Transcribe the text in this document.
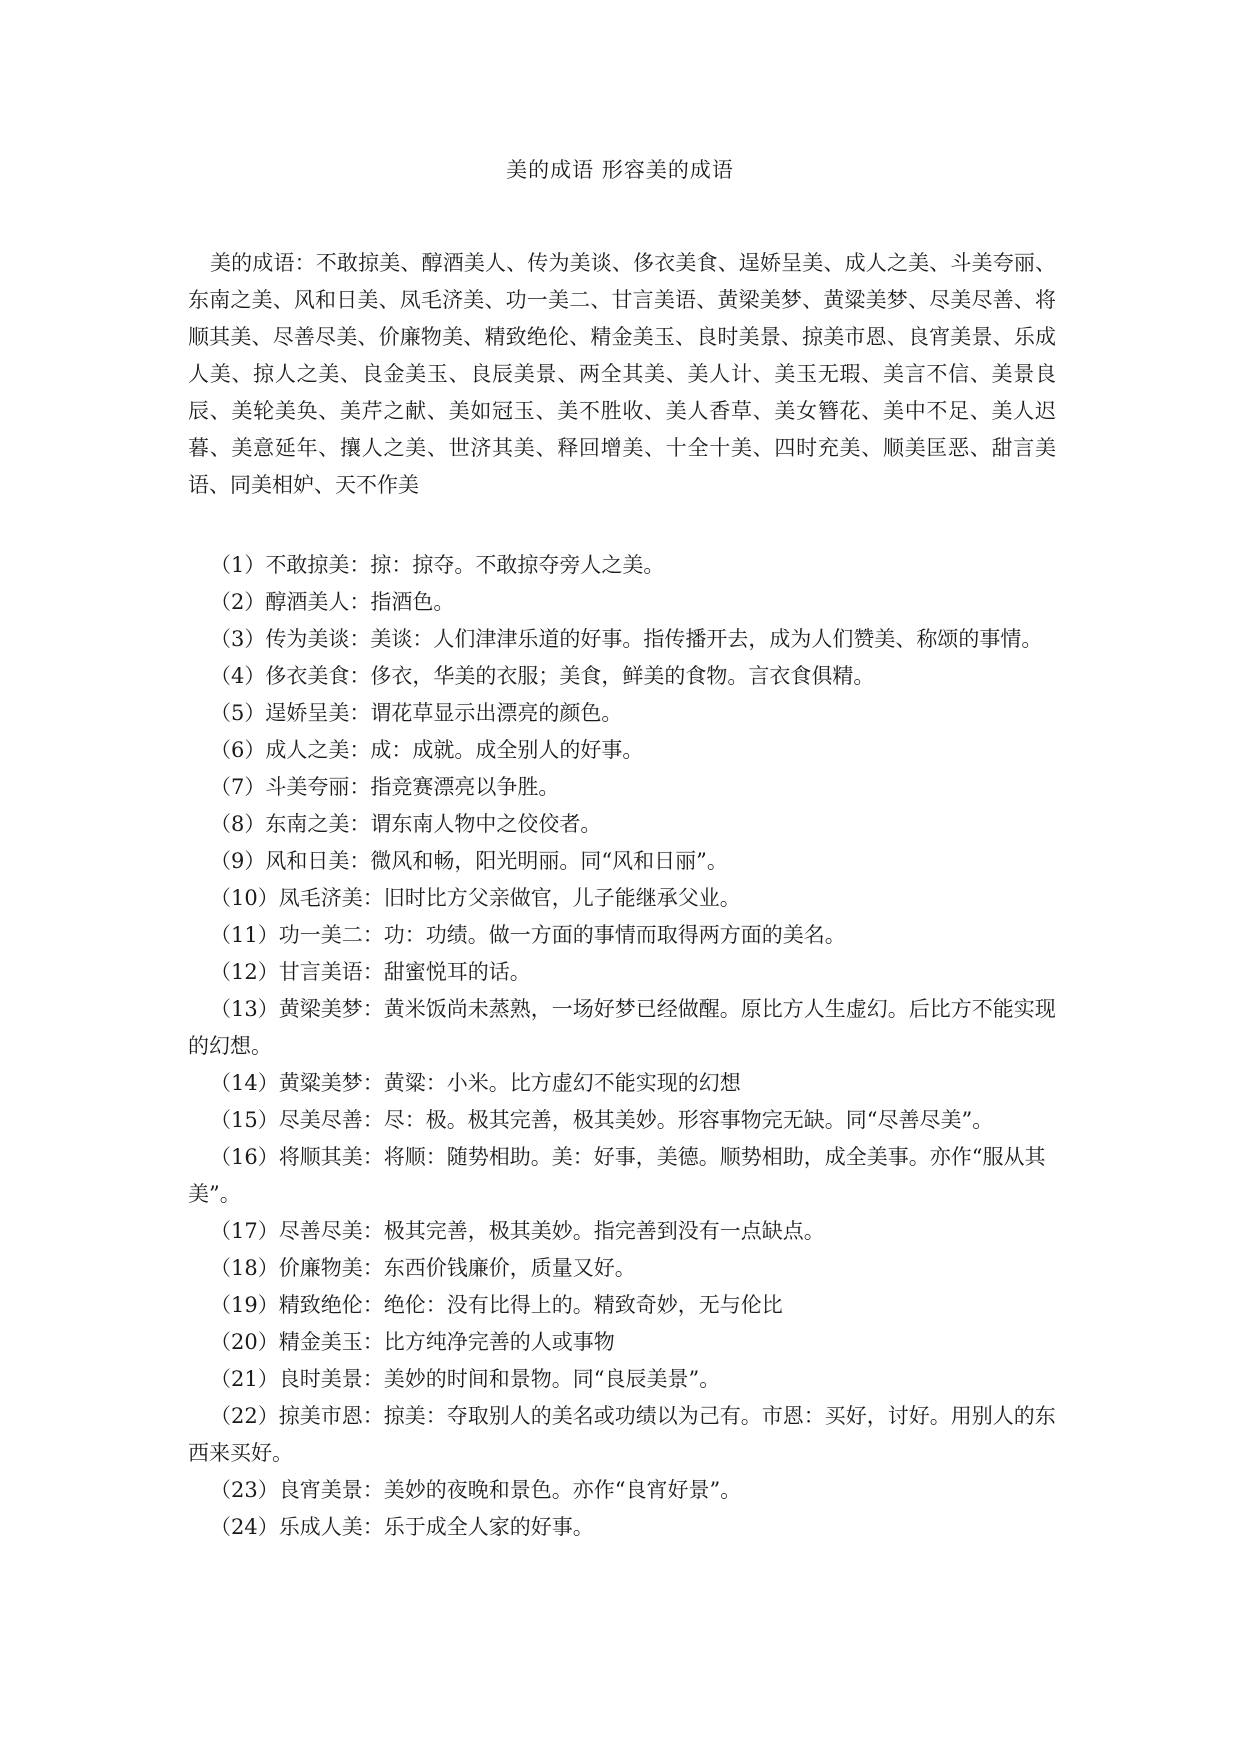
美的成语 形容美的成语

美的成语：不敢掠美、醇酒美人、传为美谈、侈衣美食、逞娇呈美、成人之美、斗美夸丽、东南之美、风和日美、凤毛济美、功一美二、甘言美语、黄梁美梦、黄粱美梦、尽美尽善、将顺其美、尽善尽美、价廉物美、精致绝伦、精金美玉、良时美景、掠美市恩、良宵美景、乐成人美、掠人之美、良金美玉、良辰美景、两全其美、美人计、美玉无瑕、美言不信、美景良辰、美轮美奂、美芹之献、美如冠玉、美不胜收、美人香草、美女簪花、美中不足、美人迟暮、美意延年、攘人之美、世济其美、释回增美、十全十美、四时充美、顺美匡恶、甜言美语、同美相妒、天不作美

（1）不敢掠美：掠：掠夺。不敢掠夺旁人之美。
（2）醇酒美人：指酒色。
（3）传为美谈：美谈：人们津津乐道的好事。指传播开去，成为人们赞美、称颂的事情。
（4）侈衣美食：侈衣，华美的衣服；美食，鲜美的食物。言衣食俱精。
（5）逞娇呈美：谓花草显示出漂亮的颜色。
（6）成人之美：成：成就。成全别人的好事。
（7）斗美夸丽：指竞赛漂亮以争胜。
（8）东南之美：谓东南人物中之佼佼者。
（9）风和日美：微风和畅，阳光明丽。同“风和日丽”。
（10）凤毛济美：旧时比方父亲做官，儿子能继承父业。
（11）功一美二：功：功绩。做一方面的事情而取得两方面的美名。
（12）甘言美语：甜蜜悦耳的话。
（13）黄梁美梦：黄米饭尚未蒸熟，一场好梦已经做醒。原比方人生虚幻。后比方不能实现的幻想。
（14）黄粱美梦：黄粱：小米。比方虚幻不能实现的幻想
（15）尽美尽善：尽：极。极其完善，极其美妙。形容事物完无缺。同“尽善尽美”。
（16）将顺其美：将顺：随势相助。美：好事，美德。顺势相助，成全美事。亦作“服从其美”。
（17）尽善尽美：极其完善，极其美妙。指完善到没有一点缺点。
（18）价廉物美：东西价钱廉价，质量又好。
（19）精致绝伦：绝伦：没有比得上的。精致奇妙，无与伦比
（20）精金美玉：比方纯净完善的人或事物
（21）良时美景：美妙的时间和景物。同“良辰美景”。
（22）掠美市恩：掠美：夺取别人的美名或功绩以为己有。市恩：买好，讨好。用别人的东西来买好。
（23）良宵美景：美妙的夜晚和景色。亦作“良宵好景”。
（24）乐成人美：乐于成全人家的好事。
